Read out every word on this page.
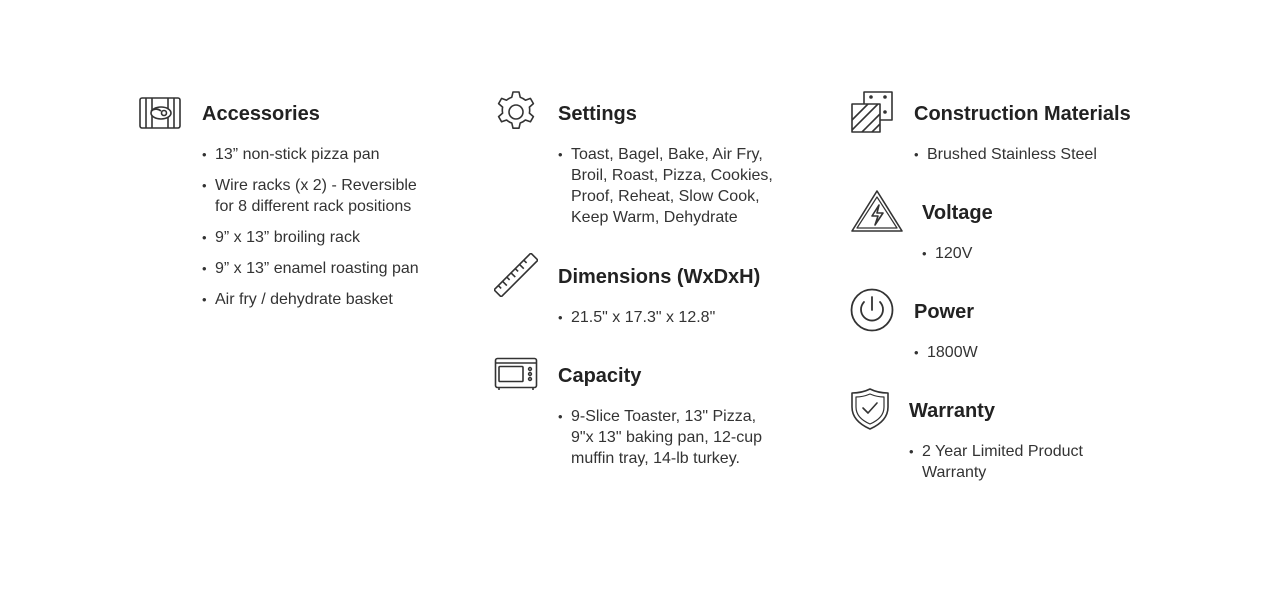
Accessories
• 13” non-stick pizza pan
• Wire racks (x 2) - Reversible for 8 different rack positions
• 9” x 13” broiling rack
• 9” x 13” enamel roasting pan
• Air fry / dehydrate basket
Settings
• Toast, Bagel, Bake, Air Fry, Broil, Roast, Pizza, Cookies, Proof, Reheat, Slow Cook, Keep Warm, Dehydrate
Dimensions (WxDxH)
• 21.5" x 17.3" x 12.8"
Capacity
• 9-Slice Toaster, 13" Pizza, 9"x 13" baking pan, 12-cup muffin tray, 14-lb turkey.
Construction Materials
• Brushed Stainless Steel
Voltage
• 120V
Power
• 1800W
Warranty
• 2 Year Limited Product Warranty
